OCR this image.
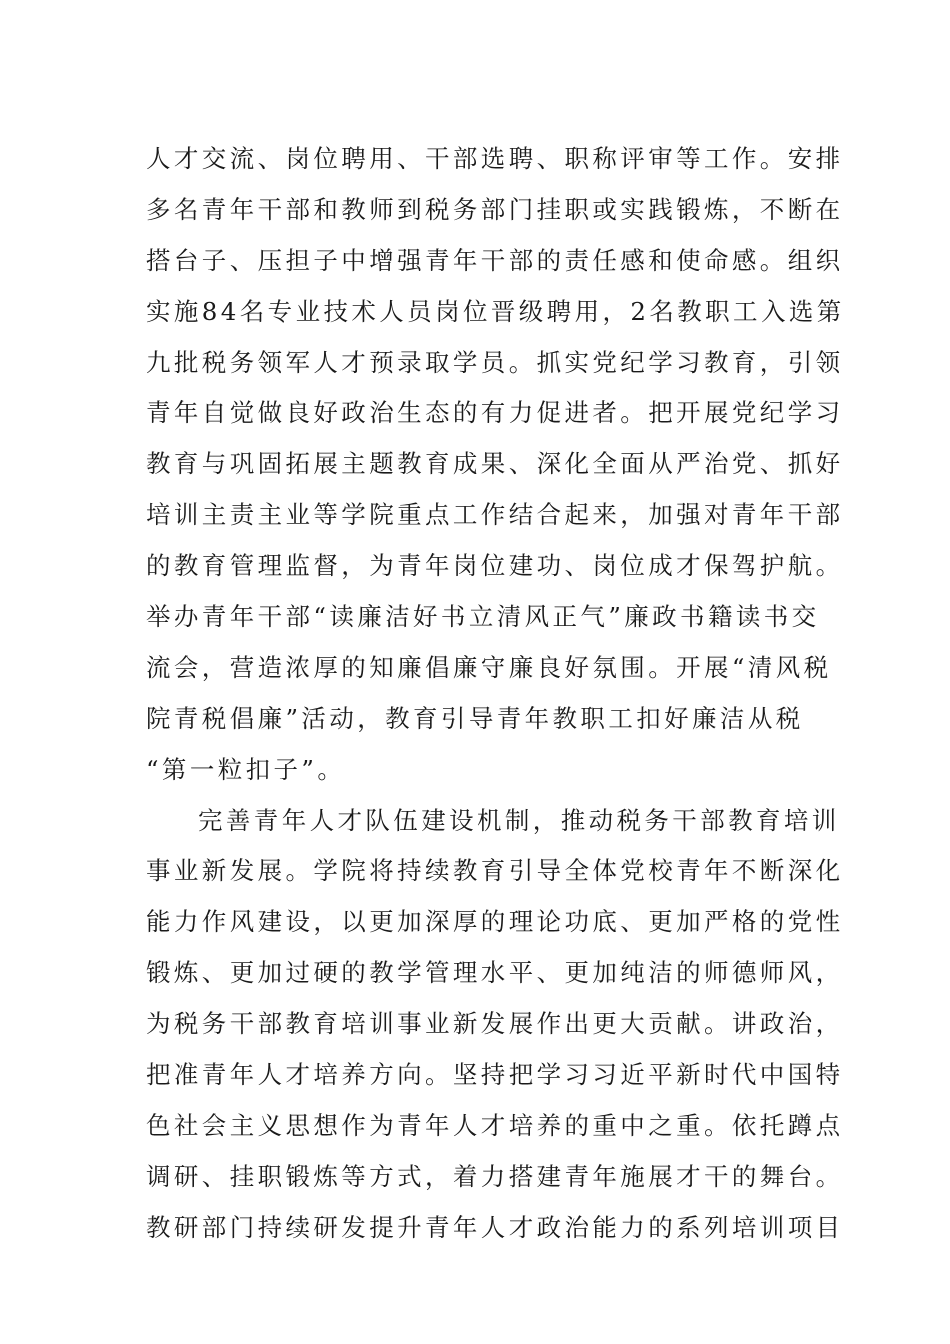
人才交流、岗位聘用、干部选聘、职称评审等工作。安排
多名青年干部和教师到税务部门挂职或实践锻炼，不断在
搭台子、压担子中增强青年干部的责任感和使命感。组织
实施84名专业技术人员岗位晋级聘用，2名教职工入选第
九批税务领军人才预录取学员。抓实党纪学习教育，引领
青年自觉做良好政治生态的有力促进者。把开展党纪学习
教育与巩固拓展主题教育成果、深化全面从严治党、抓好
培训主责主业等学院重点工作结合起来，加强对青年干部
的教育管理监督，为青年岗位建功、岗位成才保驾护航。
举办青年干部“读廉洁好书立清风正气”廉政书籍读书交
流会，营造浓厚的知廉倡廉守廉良好氛围。开展“清风税
院青税倡廉”活动，教育引导青年教职工扣好廉洁从税
“第一粒扣子”。
完善青年人才队伍建设机制，推动税务干部教育培训
事业新发展。学院将持续教育引导全体党校青年不断深化
能力作风建设，以更加深厚的理论功底、更加严格的党性
锻炼、更加过硬的教学管理水平、更加纯洁的师德师风，
为税务干部教育培训事业新发展作出更大贡献。讲政治，
把准青年人才培养方向。坚持把学习习近平新时代中国特
色社会主义思想作为青年人才培养的重中之重。依托蹲点
调研、挂职锻炼等方式，着力搭建青年施展才干的舞台。
教研部门持续研发提升青年人才政治能力的系列培训项目
